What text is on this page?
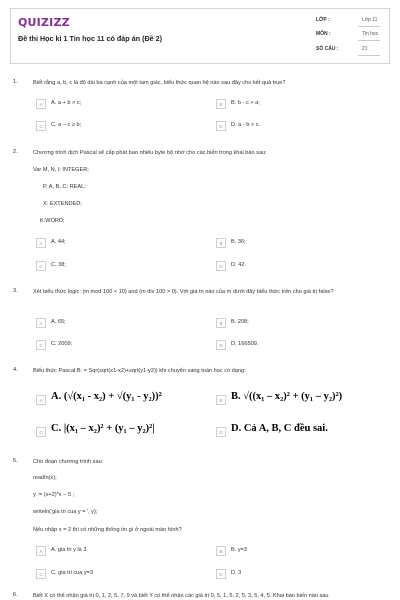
QUIZIZZ
Đề thi Học kì 1 Tin học 11 có đáp án (Đề 2)
LỚP :	Lớp 11
MÔN :	Tin học
SỐ CÂU :	21
1.	Biết rằng a, b, c là độ dài ba cạnh của một tam giác, biểu thức quan hệ nào sau đây cho kết quả true?
A	A. a + b > c;	B	B. b - c > a;
C	C. a – c ≥ b;	D	D. a - b > c.
2.	Chương trình dịch Pascal sẽ cấp phát bao nhiêu byte bộ nhớ cho các biến trong khai báo sau:
Var M, N, I: INTEGER;
P, A, B, C: REAL;
X: EXTENDED;
K:WORD;
A	A. 44;	B	B. 36;
C	C. 38;	D	D. 42.
3.	Xét biểu thức logic: (m mod 100 < 10) and (m div 100 > 0). Với giá trị nào của m dưới đây biểu thức trên cho giá trị false?
A	A. 65;	B	B. 208;
C	C. 2009;	D	D. 166509.
4.	Biểu thức Pascal B: = Sqr(sqrt(x1-x2)+sqrt(y1-y2)) khi chuyển sang toán học có dạng:
A A. (√(x₁ - x₂) + √(y₁ - y₂))²	B B. √((x₁ – x₂)² + (y₁ – y₂)²)
C C. |(x₁ – x₂)² + (y₁ – y₂)²|	D D. Cả A, B, C đều sai.
5.	Cho đoạn chương trình sau:
readln(x);
y := (x+2)*x − 5 ;
writeln('gia tri cua y = ', y);
Nếu nhập x = 2 thì có những thông tin gì ở ngoài màn hình?
A	A. gia tri y là 3	B	B. y=3
C	C. gia tri cua y=3	D	D. 3
6.	Biết X có thể nhận giá trị 0, 1, 2, 5, 7, 9 và biết Y có thể nhận các giá trị 0, 5, 1, 5, 2, 5, 3, 5, 4, 5. Khai báo biến nào sau
